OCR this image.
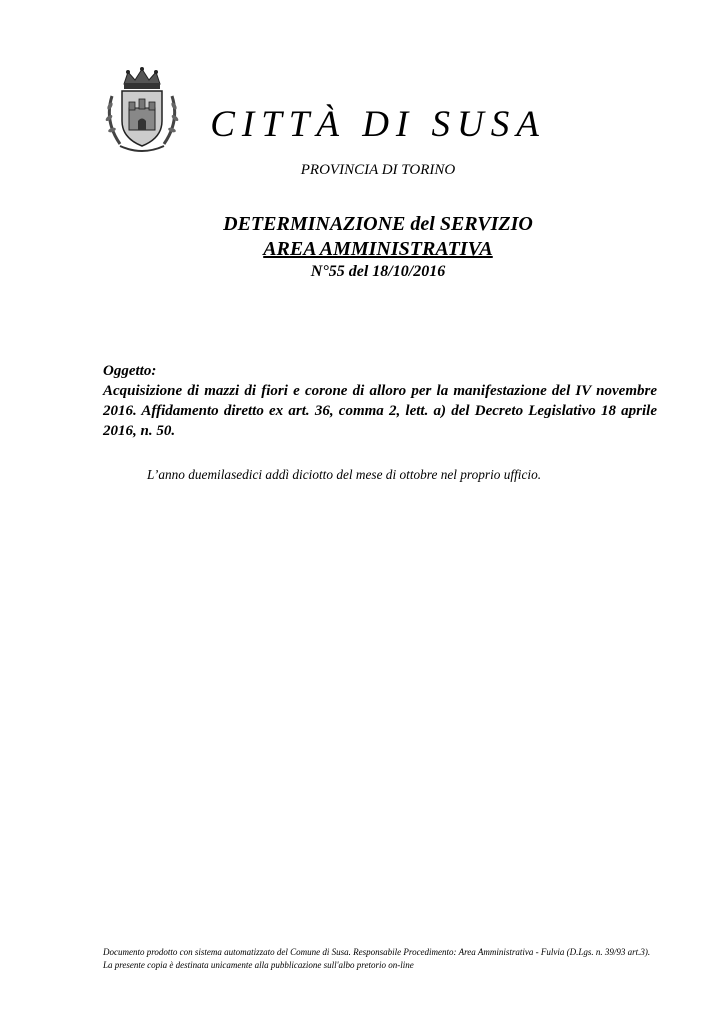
CITTÀ DI SUSA
PROVINCIA DI TORINO
DETERMINAZIONE del SERVIZIO
AREA AMMINISTRATIVA
N°55 del 18/10/2016
Oggetto:
Acquisizione di mazzi di fiori e corone di alloro per la manifestazione del IV novembre 2016. Affidamento diretto ex art. 36, comma 2, lett. a) del Decreto Legislativo 18 aprile 2016, n. 50.
L’anno duemilasedici addì diciotto del mese di ottobre nel proprio ufficio.
Documento prodotto con sistema automatizzato del Comune di Susa. Responsabile Procedimento: Area Amministrativa - Fulvia (D.Lgs. n. 39/93 art.3). La presente copia è destinata unicamente alla pubblicazione sull'albo pretorio on-line
